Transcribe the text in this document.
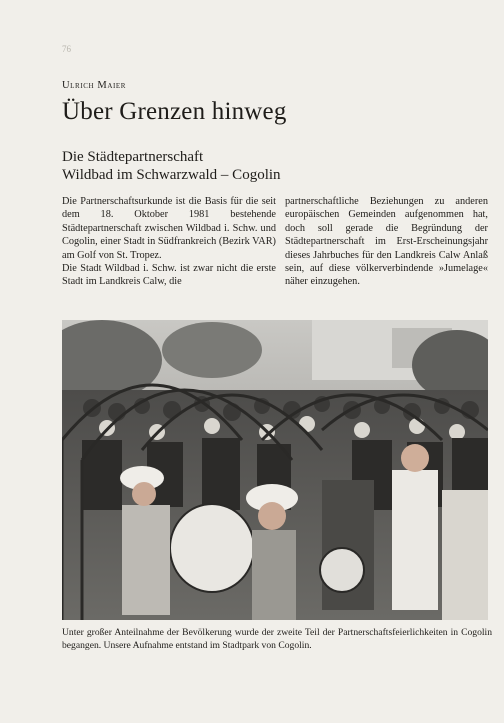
76
Ulrich Maier
Über Grenzen hinweg
Die Städtepartnerschaft
Wildbad im Schwarzwald – Cogolin

Die Partnerschaftsurkunde ist die Basis für die seit dem 18. Oktober 1981 bestehende Städtepartnerschaft zwischen Wildbad i. Schw. und Cogolin, einer Stadt in Südfrankreich (Bezirk VAR) am Golf von St. Tropez.

Die Stadt Wildbad i. Schw. ist zwar nicht die erste Stadt im Landkreis Calw, die

partnerschaftliche Beziehungen zu anderen europäischen Gemeinden aufgenommen hat, doch soll gerade die Begründung der Städtepartnerschaft im Erst-Erscheinungsjahr dieses Jahrbuches für den Landkreis Calw Anlaß sein, auf diese völkerverbindende »Jumelage« näher einzugehen.

Unter großer Anteilnahme der Bevölkerung wurde der zweite Teil der Partnerschaftsfeierlichkeiten in Cogolin begangen. Unsere Aufnahme entstand im Stadtpark von Cogolin.
